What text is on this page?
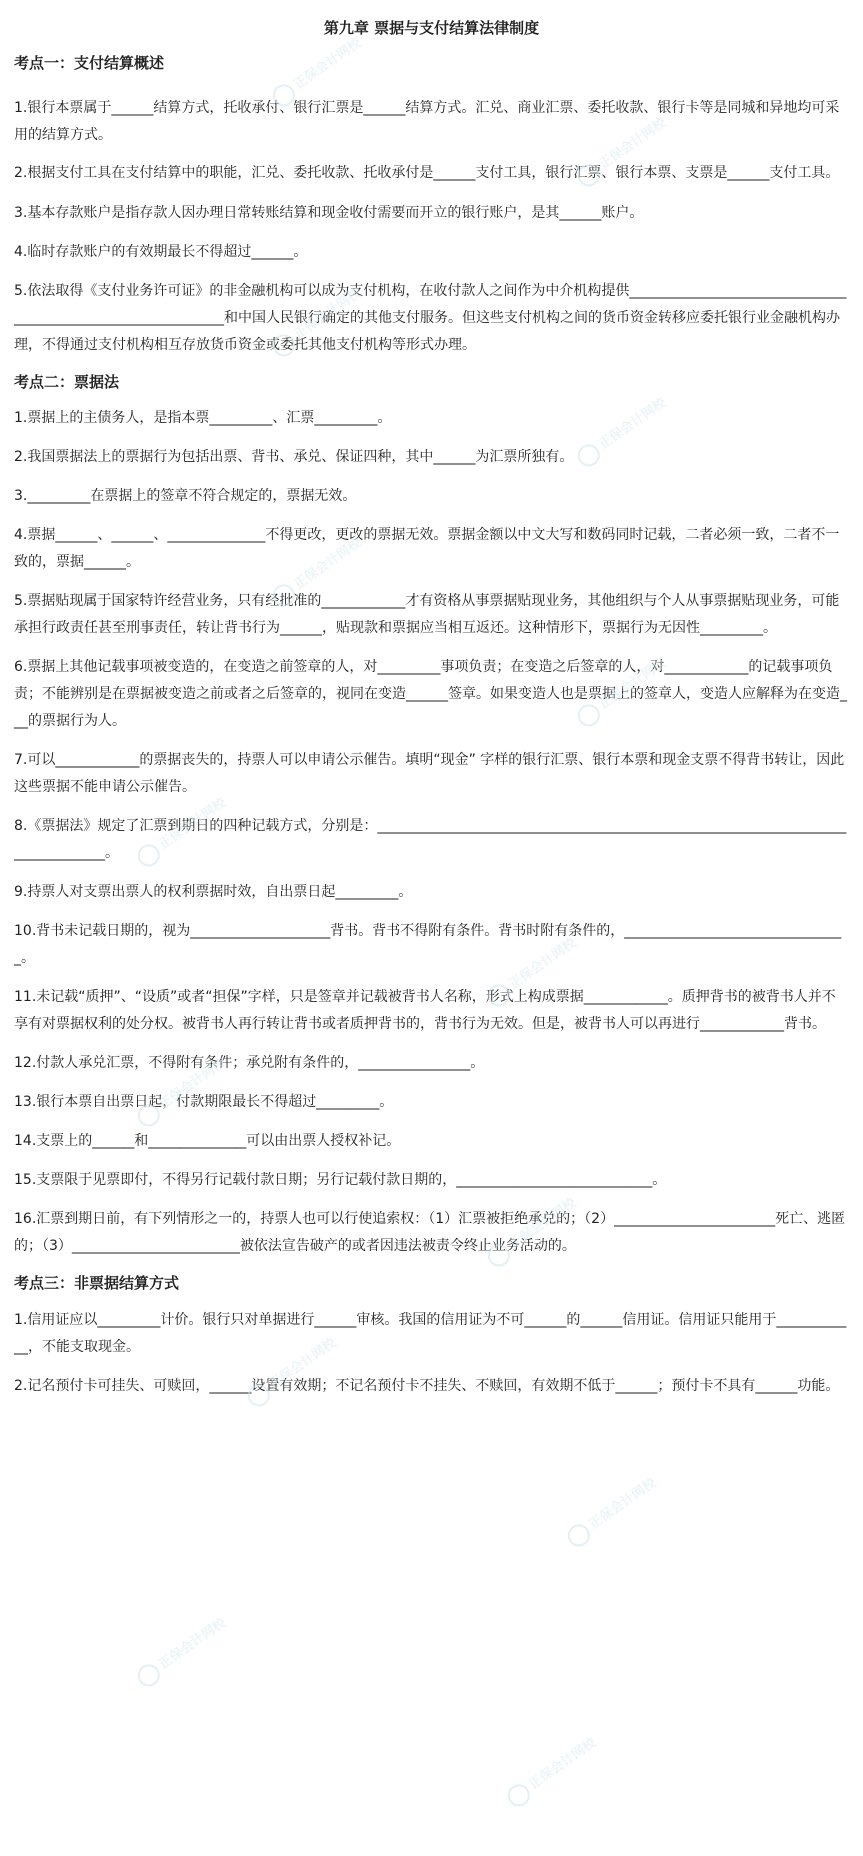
第九章 票据与支付结算法律制度
考点一：支付结算概述

1.银行本票属于______结算方式，托收承付、银行汇票是______结算方式。汇兑、商业汇票、委托收款、银行卡等是同城和异地均可采用的结算方式。

2.根据支付工具在支付结算中的职能，汇兑、委托收款、托收承付是______支付工具，银行汇票、银行本票、支票是______支付工具。

3.基本存款账户是指存款人因办理日常转账结算和现金收付需要而开立的银行账户，是其______账户。

4.临时存款账户的有效期最长不得超过______。

5.依法取得《支付业务许可证》的非金融机构可以成为支付机构，在收付款人之间作为中介机构提供_____________________________________________________________和中国人民银行确定的其他支付服务。但这些支付机构之间的货币资金转移应委托银行业金融机构办理，不得通过支付机构相互存放货币资金或委托其他支付机构等形式办理。

考点二：票据法

1.票据上的主债务人，是指本票_________、汇票_________。

2.我国票据法上的票据行为包括出票、背书、承兑、保证四种，其中______为汇票所独有。

3._________在票据上的签章不符合规定的，票据无效。

4.票据______、______、______________不得更改，更改的票据无效。票据金额以中文大写和数码同时记载，二者必须一致，二者不一致的，票据______。

5.票据贴现属于国家特许经营业务，只有经批准的____________才有资格从事票据贴现业务，其他组织与个人从事票据贴现业务，可能承担行政责任甚至刑事责任，转让背书行为______，贴现款和票据应当相互返还。这种情形下，票据行为无因性_________。

6.票据上其他记载事项被变造的，在变造之前签章的人，对_________事项负责；在变造之后签章的人，对____________的记载事项负责；不能辨别是在票据被变造之前或者之后签章的，视同在变造______签章。如果变造人也是票据上的签章人，变造人应解释为在变造___的票据行为人。

7.可以____________的票据丧失的，持票人可以申请公示催告。填明“现金” 字样的银行汇票、银行本票和现金支票不得背书转让，因此这些票据不能申请公示催告。

8.《票据法》规定了汇票到期日的四种记载方式，分别是：________________________________________________________________________________。

9.持票人对支票出票人的权利票据时效，自出票日起_________。

10.背书未记载日期的，视为____________________背书。背书不得附有条件。背书时附有条件的，________________________________。

11.未记载“质押”、“设质”或者“担保”字样，只是签章并记载被背书人名称，形式上构成票据____________。质押背书的被背书人并不享有对票据权利的处分权。被背书人再行转让背书或者质押背书的，背书行为无效。但是，被背书人可以再进行____________背书。

12.付款人承兑汇票，不得附有条件；承兑附有条件的，________________。

13.银行本票自出票日起，付款期限最长不得超过_________。

14.支票上的______和______________可以由出票人授权补记。

15.支票限于见票即付，不得另行记载付款日期；另行记载付款日期的，____________________________。

16.汇票到期日前，有下列情形之一的，持票人也可以行使追索权：（1）汇票被拒绝承兑的；（2）_______________________死亡、逃匿的；（3）________________________被依法宣告破产的或者因违法被责令终止业务活动的。

考点三：非票据结算方式

1.信用证应以_________计价。银行只对单据进行______审核。我国的信用证为不可______的______信用证。信用证只能用于____________，不能支取现金。

2.记名预付卡可挂失、可赎回，______设置有效期；不记名预付卡不挂失、不赎回，有效期不低于______；预付卡不具有______功能。

正保会计网校
正保会计网校
正保会计网校
正保会计网校
正保会计网校
正保会计网校
正保会计网校
正保会计网校
正保会计网校
正保会计网校
正保会计网校
正保会计网校
正保会计网校
正保会计网校
